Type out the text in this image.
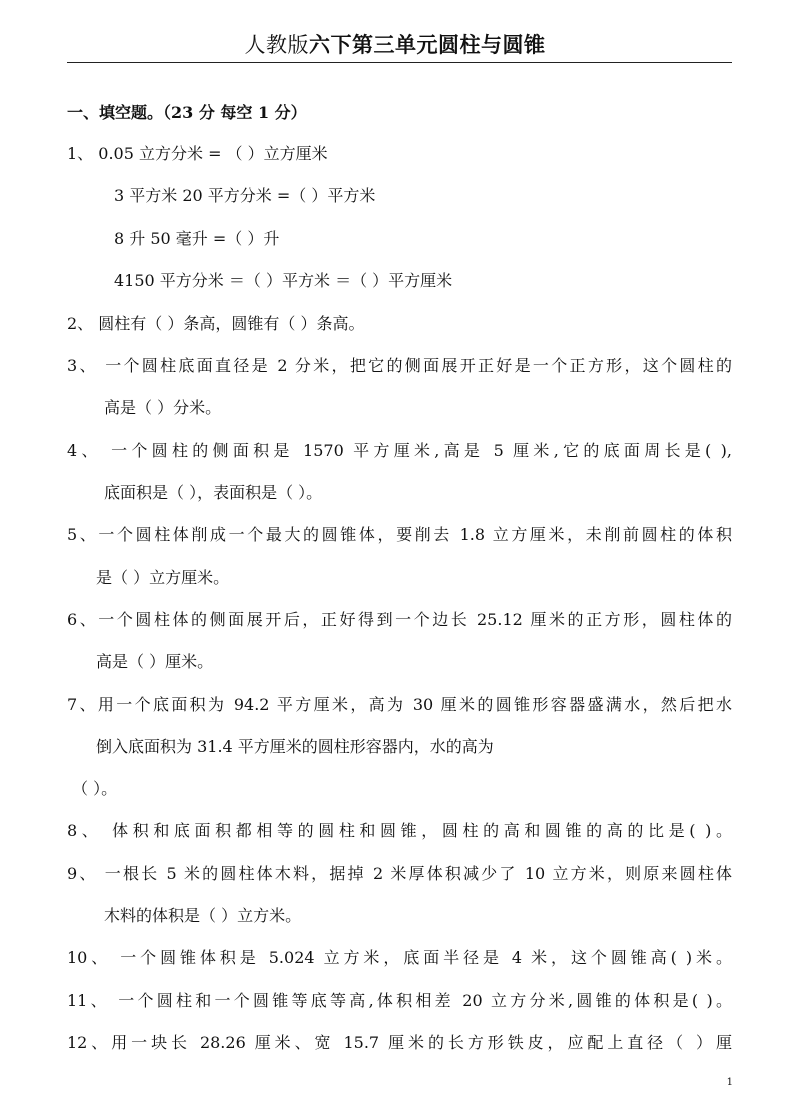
人教版六下第三单元圆柱与圆锥
一、填空题。（23 分 每空 1 分）
1、 0.05 立方分米 = （ ）立方厘米
3 平方米 20 平方分米 =（ ）平方米
8 升 50 毫升 =（ ）升
4150 平方分米 ＝（ ）平方米 ＝（ ）平方厘米
2、 圆柱有（ ）条高，圆锥有（ ）条高。
3、 一个圆柱底面直径是 2 分米，把它的侧面展开正好是一个正方形，这个圆柱的
高是（ ）分米。
4、 一个圆柱的侧面积是 1570 平方厘米,高是 5 厘米,它的底面周长是( ),
底面积是（ ），表面积是（ ）。
5、一个圆柱体削成一个最大的圆锥体，要削去 1.8 立方厘米，未削前圆柱的体积
是（ ）立方厘米。
6、一个圆柱体的侧面展开后，正好得到一个边长 25.12 厘米的正方形，圆柱体的
高是（ ）厘米。
7、用一个底面积为 94.2 平方厘米，高为 30 厘米的圆锥形容器盛满水，然后把水
倒入底面积为 31.4 平方厘米的圆柱形容器内，水的高为
（ ）。
8、 体积和底面积都相等的圆柱和圆锥，圆柱的高和圆锥的高的比是( )。
9、 一根长 5 米的圆柱体木料，据掉 2 米厚体积减少了 10 立方米，则原来圆柱体
木料的体积是（ ）立方米。
10、 一个圆锥体积是 5.024 立方米，底面半径是 4 米，这个圆锥高( )米。
11、 一个圆柱和一个圆锥等底等高,体积相差 20 立方分米,圆锥的体积是( )。
12、用一块长 28.26 厘米、宽 15.7 厘米的长方形铁皮，应配上直径（ ）厘
1
